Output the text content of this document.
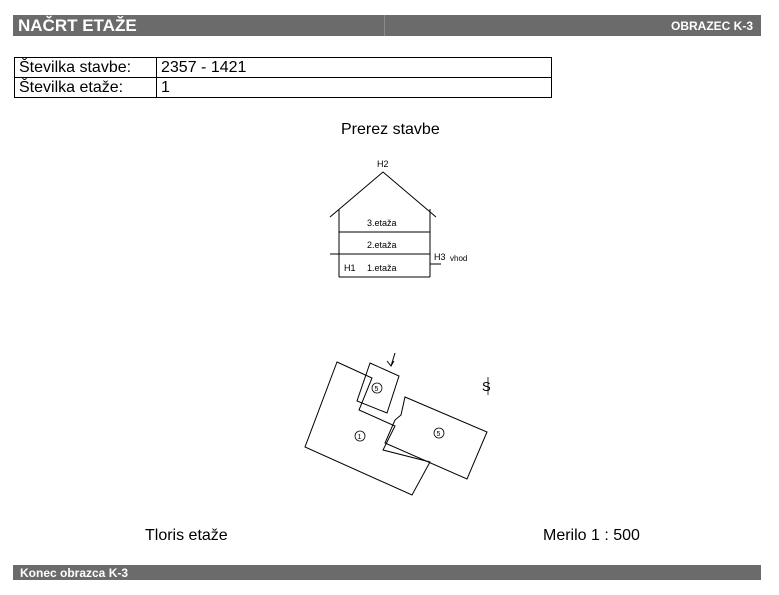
NAČRT ETAŽE	OBRAZEC K-3
Številka stavbe:	2357 - 1421
Številka etaže:	1
Prerez stavbe
H2
3.etaža
2.etaža
H1 1.etaža
H3 vhod
1
5
5
S
Tloris etaže	Merilo 1 : 500
Konec obrazca K-3
